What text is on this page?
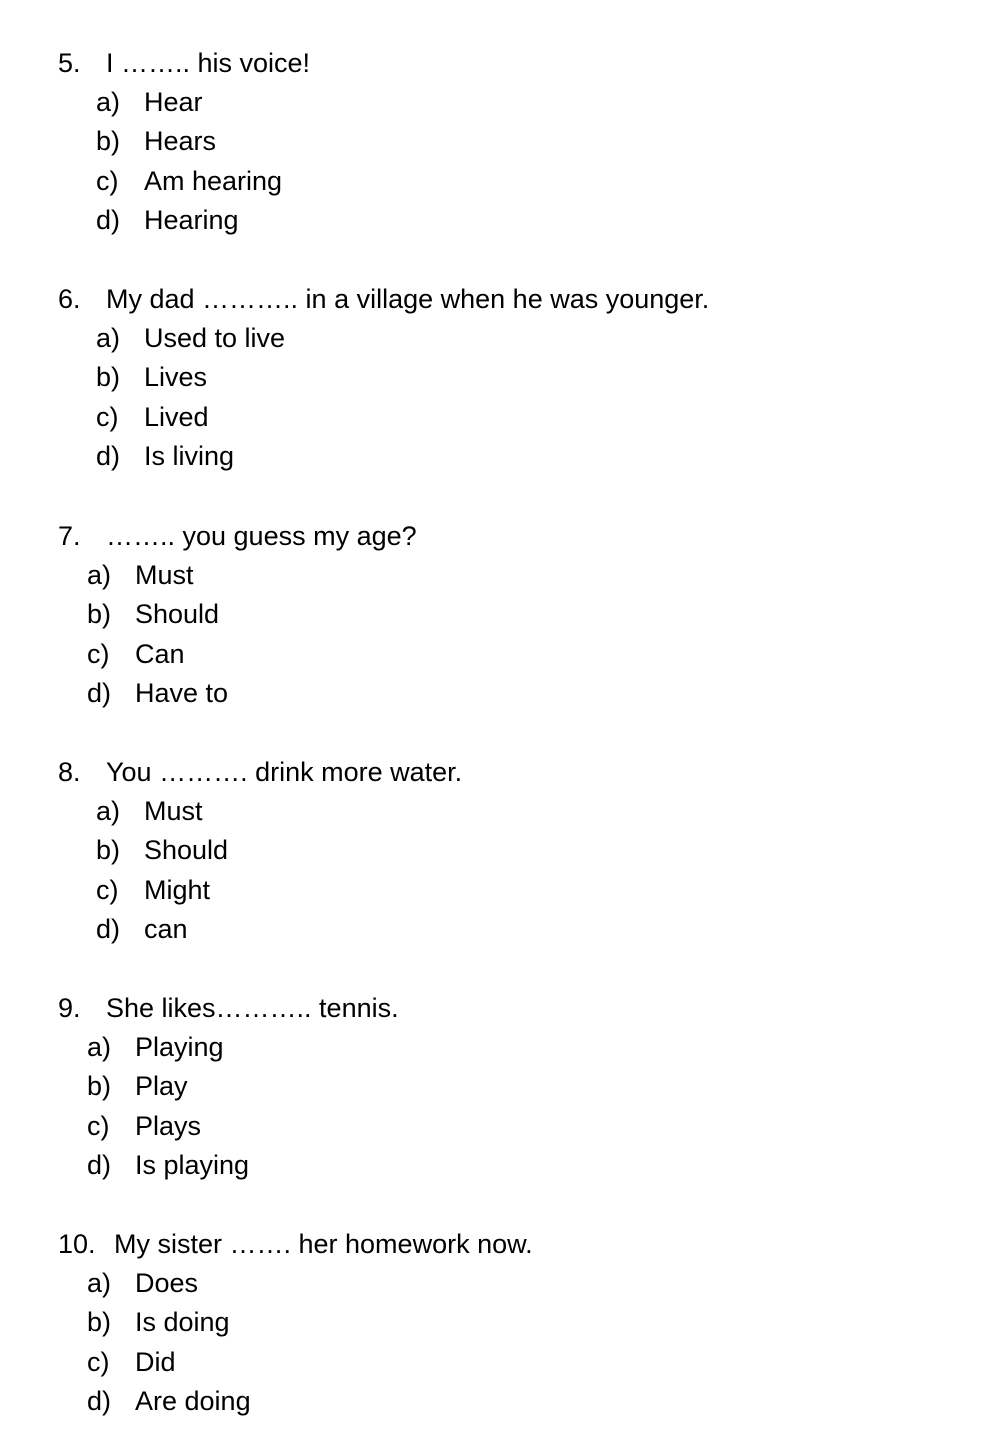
5. I …….. his voice!
a) Hear
b) Hears
c) Am hearing
d) Hearing
6. My dad ……….. in a village when he was younger.
a) Used to live
b) Lives
c) Lived
d) Is living
7. …….. you guess my age?
a) Must
b) Should
c) Can
d) Have to
8. You ………. drink more water.
a) Must
b) Should
c) Might
d) can
9. She likes……….. tennis.
a) Playing
b) Play
c) Plays
d) Is playing
10. My sister ……. her homework now.
a) Does
b) Is doing
c) Did
d) Are doing
